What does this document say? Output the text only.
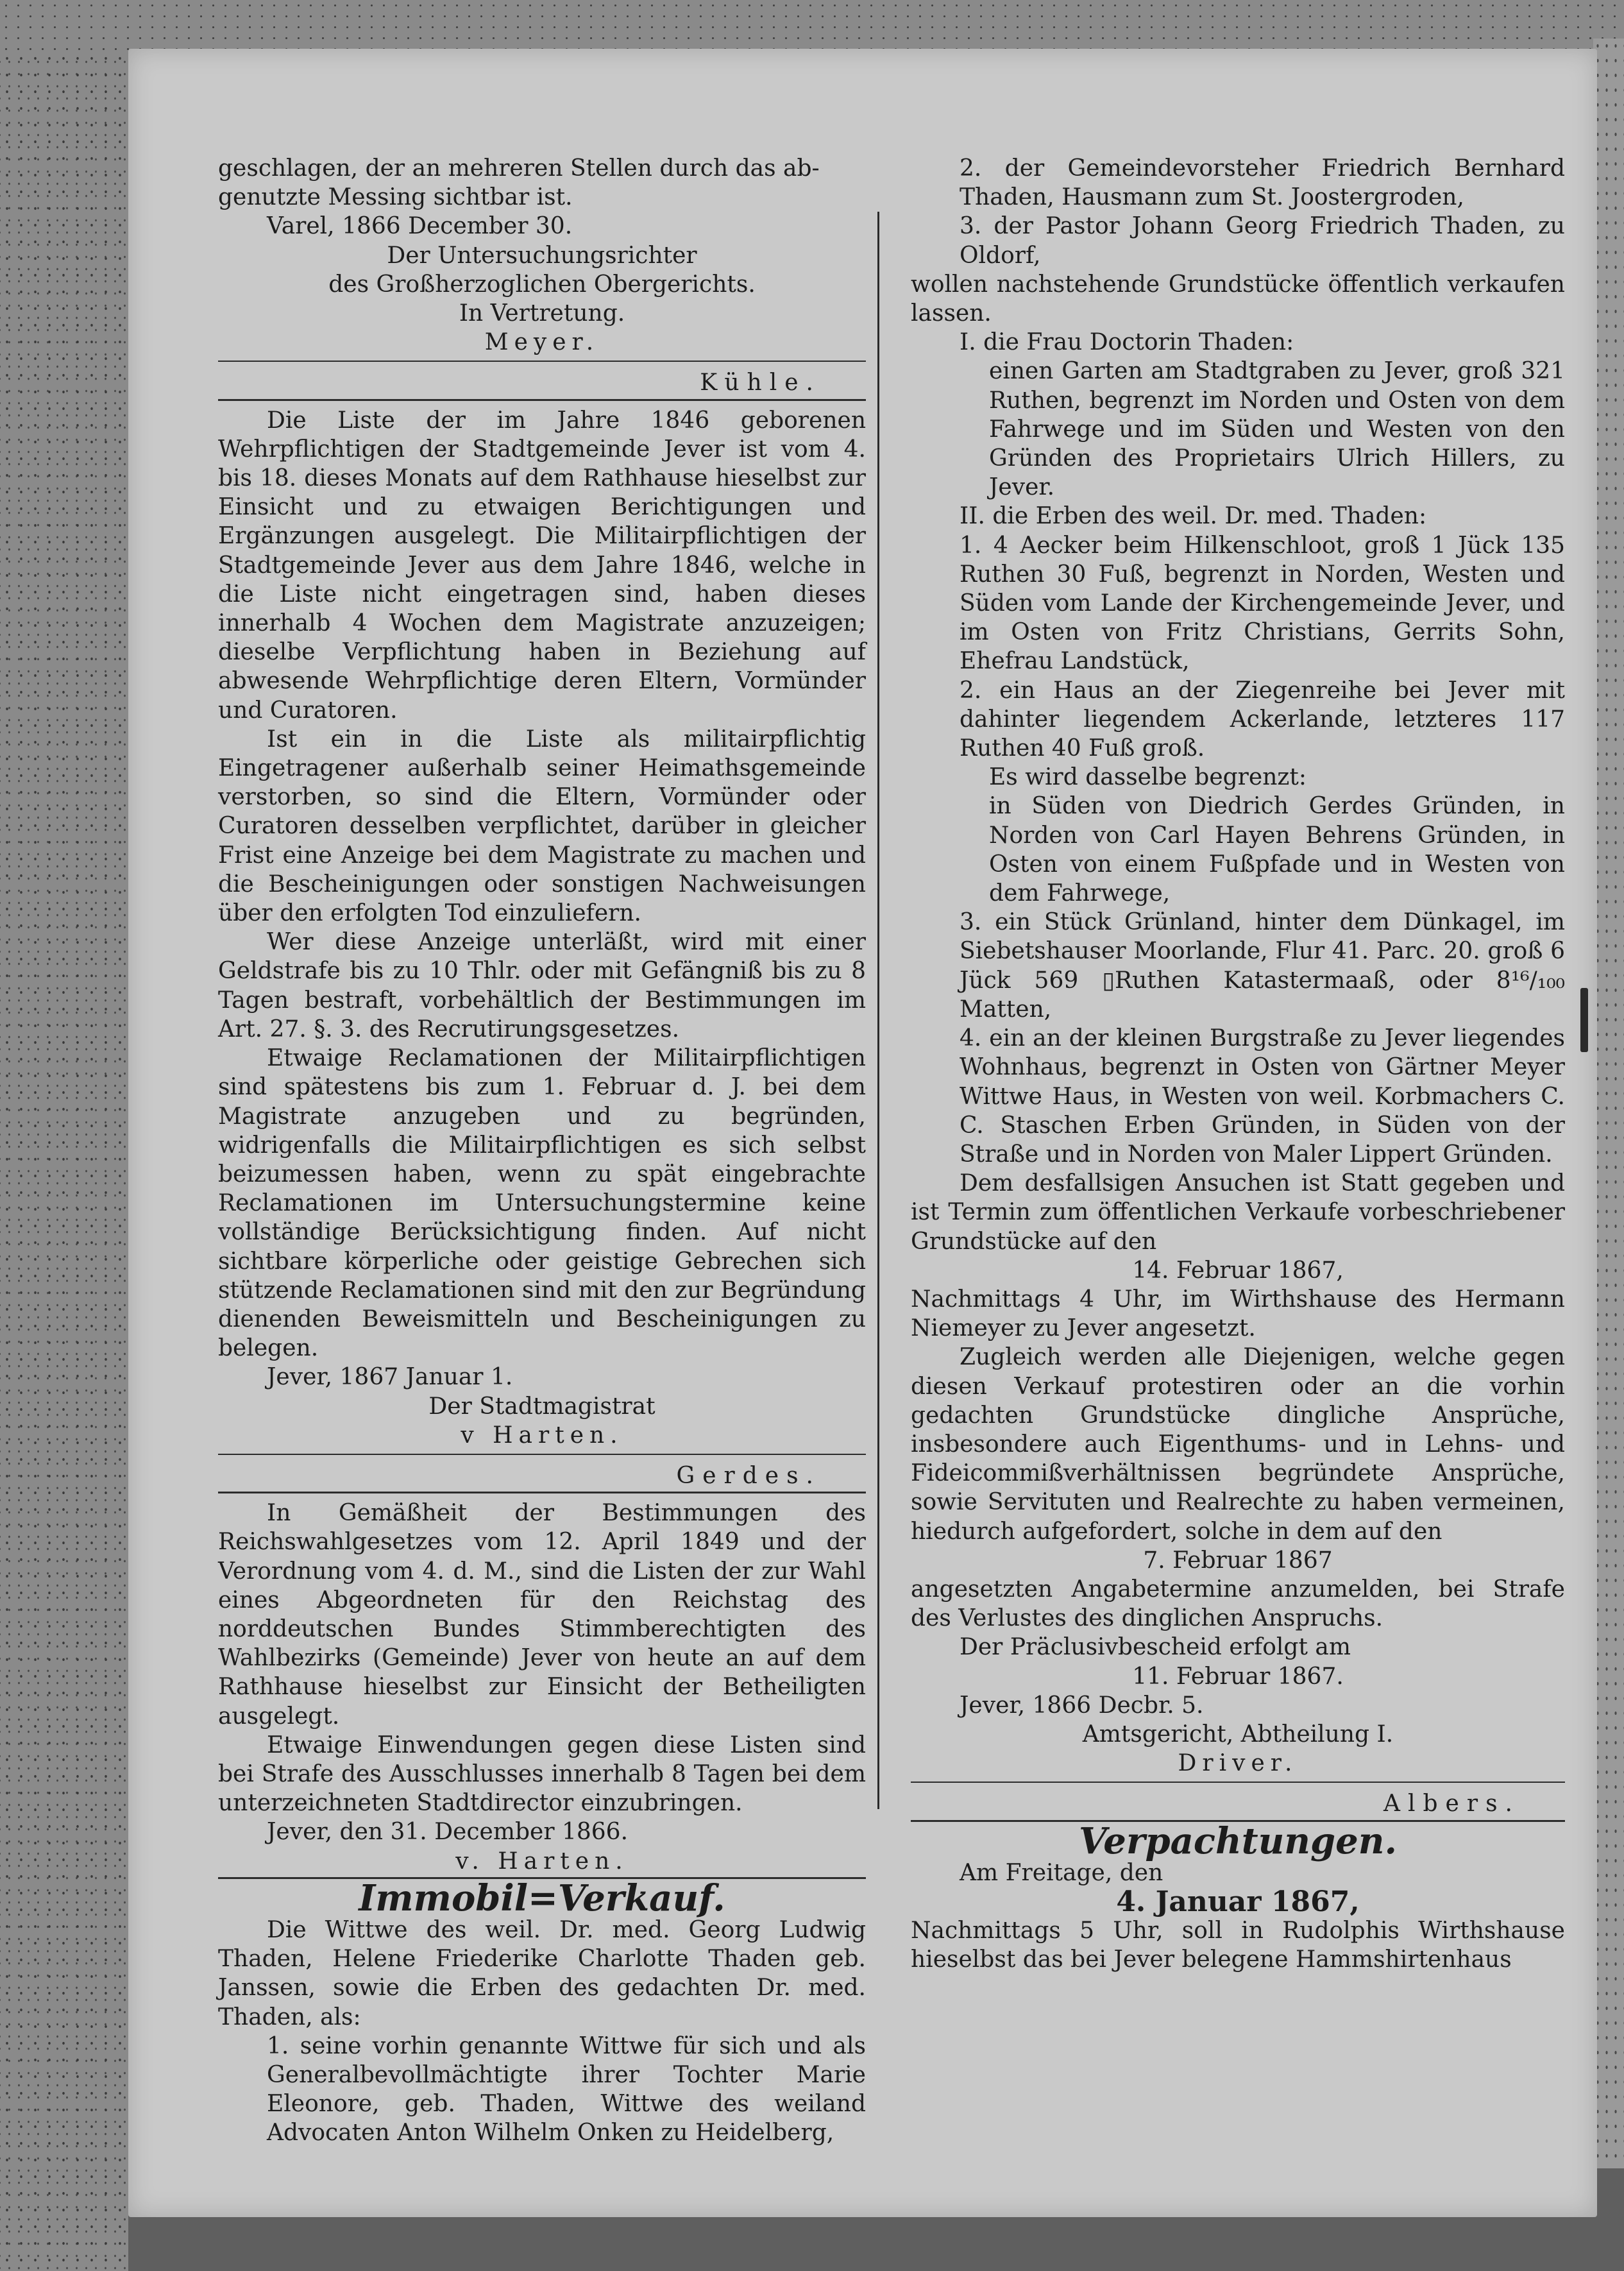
geschlagen, der an mehreren Stellen durch das ab-

genutzte Messing sichtbar ist.

Varel, 1866 December 30.

Der Untersuchungsrichter

des Großherzoglichen Obergerichts.

In Vertretung.

Meyer.

Kühle.

Die Liste der im Jahre 1846 geborenen Wehrpflichtigen der Stadtgemeinde Jever ist vom 4. bis 18. dieses Monats auf dem Rathhause hieselbst zur Einsicht und zu etwaigen Berichtigungen und Ergänzungen ausgelegt. Die Militairpflichtigen der Stadtgemeinde Jever aus dem Jahre 1846, welche in die Liste nicht eingetragen sind, haben dieses innerhalb 4 Wochen dem Magistrate anzuzeigen; dieselbe Verpflichtung haben in Beziehung auf abwesende Wehrpflichtige deren Eltern, Vormünder und Curatoren.

Ist ein in die Liste als militairpflichtig Eingetragener außerhalb seiner Heimathsgemeinde verstorben, so sind die Eltern, Vormünder oder Curatoren desselben verpflichtet, darüber in gleicher Frist eine Anzeige bei dem Magistrate zu machen und die Bescheinigungen oder sonstigen Nachweisungen über den erfolgten Tod einzuliefern.

Wer diese Anzeige unterläßt, wird mit einer Geldstrafe bis zu 10 Thlr. oder mit Gefängniß bis zu 8 Tagen bestraft, vorbehältlich der Bestimmungen im Art. 27. §. 3. des Recrutirungsgesetzes.

Etwaige Reclamationen der Militairpflichtigen sind spätestens bis zum 1. Februar d. J. bei dem Magistrate anzugeben und zu begründen, widrigenfalls die Militairpflichtigen es sich selbst beizumessen haben, wenn zu spät eingebrachte Reclamationen im Untersuchungstermine keine vollständige Berücksichtigung finden. Auf nicht sichtbare körperliche oder geistige Gebrechen sich stützende Reclamationen sind mit den zur Begründung dienenden Beweismitteln und Bescheinigungen zu belegen.

Jever, 1867 Januar 1.

Der Stadtmagistrat

v Harten.

Gerdes.

In Gemäßheit der Bestimmungen des Reichswahlgesetzes vom 12. April 1849 und der Verordnung vom 4. d. M., sind die Listen der zur Wahl eines Abgeordneten für den Reichstag des norddeutschen Bundes Stimmberechtigten des Wahlbezirks (Gemeinde) Jever von heute an auf dem Rathhause hieselbst zur Einsicht der Betheiligten ausgelegt.

Etwaige Einwendungen gegen diese Listen sind bei Strafe des Ausschlusses innerhalb 8 Tagen bei dem unterzeichneten Stadtdirector einzubringen.

Jever, den 31. December 1866.

v. Harten.

Immobil=Verkauf.

Die Wittwe des weil. Dr. med. Georg Ludwig Thaden, Helene Friederike Charlotte Thaden geb. Janssen, sowie die Erben des gedachten Dr. med. Thaden, als:

1. seine vorhin genannte Wittwe für sich und als Generalbevollmächtigte ihrer Tochter Marie Eleonore, geb. Thaden, Wittwe des weiland Advocaten Anton Wilhelm Onken zu Heidelberg,

2. der Gemeindevorsteher Friedrich Bernhard Thaden, Hausmann zum St. Joostergroden,

3. der Pastor Johann Georg Friedrich Thaden, zu Oldorf,

wollen nachstehende Grundstücke öffentlich verkaufen lassen.

I. die Frau Doctorin Thaden:

einen Garten am Stadtgraben zu Jever, groß 321 Ruthen, begrenzt im Norden und Osten von dem Fahrwege und im Süden und Westen von den Gründen des Proprietairs Ulrich Hillers, zu Jever.

II. die Erben des weil. Dr. med. Thaden:

1. 4 Aecker beim Hilkenschloot, groß 1 Jück 135 Ruthen 30 Fuß, begrenzt in Norden, Westen und Süden vom Lande der Kirchengemeinde Jever, und im Osten von Fritz Christians, Gerrits Sohn, Ehefrau Landstück,

2. ein Haus an der Ziegenreihe bei Jever mit dahinter liegendem Ackerlande, letzteres 117 Ruthen 40 Fuß groß.

Es wird dasselbe begrenzt:

in Süden von Diedrich Gerdes Gründen, in Norden von Carl Hayen Behrens Gründen, in Osten von einem Fußpfade und in Westen von dem Fahrwege,

3. ein Stück Grünland, hinter dem Dünkagel, im Siebetshauser Moorlande, Flur 41. Parc. 20. groß 6 Jück 569 ▯Ruthen Katastermaaß, oder 8¹⁶/₁₀₀ Matten,

4. ein an der kleinen Burgstraße zu Jever liegendes Wohnhaus, begrenzt in Osten von Gärtner Meyer Wittwe Haus, in Westen von weil. Korbmachers C. C. Staschen Erben Gründen, in Süden von der Straße und in Norden von Maler Lippert Gründen.

Dem desfallsigen Ansuchen ist Statt gegeben und ist Termin zum öffentlichen Verkaufe vorbeschriebener Grundstücke auf den

14. Februar 1867,

Nachmittags 4 Uhr, im Wirthshause des Hermann Niemeyer zu Jever angesetzt.

Zugleich werden alle Diejenigen, welche gegen diesen Verkauf protestiren oder an die vorhin gedachten Grundstücke dingliche Ansprüche, insbesondere auch Eigenthums- und in Lehns- und Fideicommißverhältnissen begründete Ansprüche, sowie Servituten und Realrechte zu haben vermeinen, hiedurch aufgefordert, solche in dem auf den

7. Februar 1867

angesetzten Angabetermine anzumelden, bei Strafe des Verlustes des dinglichen Anspruchs.

Der Präclusivbescheid erfolgt am

11. Februar 1867.

Jever, 1866 Decbr. 5.

Amtsgericht, Abtheilung I.

Driver.

Albers.

Verpachtungen.

Am Freitage, den

4. Januar 1867,

Nachmittags 5 Uhr, soll in Rudolphis Wirthshause hieselbst das bei Jever belegene Hammshirtenhaus
